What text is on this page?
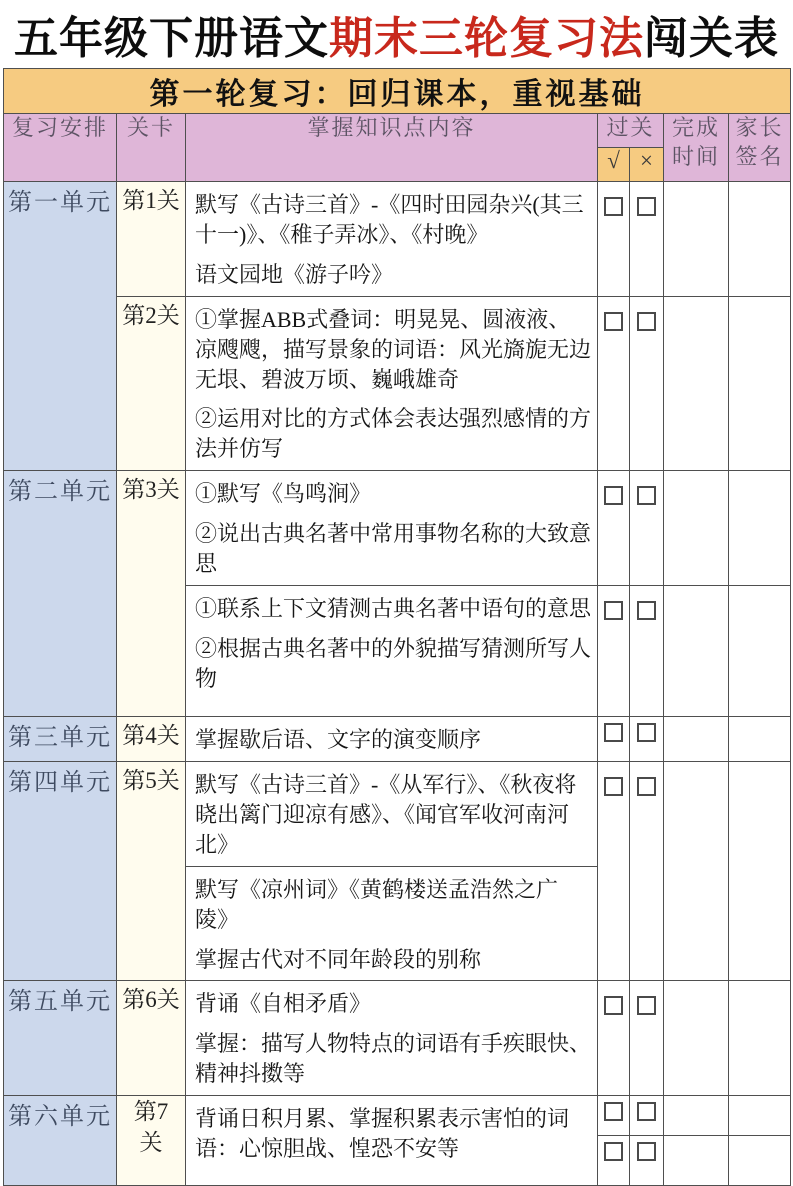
五年级下册语文 期末三轮复习法 闯关表
第一轮复习：回归课本，重视基础						
复习安排	关卡	掌握知识点内容	过关		完成时间	家长签名
			√	×		
第一单元	第1关	默写《古诗三首》-《四时田园杂兴(其三十一)》、《稚子弄冰》、《村晚》
语文园地《游子吟》				

	第2关	①掌握ABB式叠词：明晃晃、圆液液、凉飕飕，描写景象的词语：风光旖旎无边无垠、碧波万顷、巍峨雄奇
②运用对比的方式体会表达强烈感情的方法并仿写				

第二单元	第3关	①默写《鸟鸣涧》
②说出古典名著中常用事物名称的大致意思				

		①联系上下文猜测古典名著中语句的意思
②根据古典名著中的外貌描写猜测所写人物				

第三单元	第4关	掌握歇后语、文字的演变顺序				

第四单元	第5关	默写《古诗三首》-《从军行》、《秋夜将晓出篱门迎凉有感》、《闻官军收河南河北》
默写《凉州词》《黄鹤楼送孟浩然之广陵》
掌握古代对不同年龄段的别称				

第五单元	第6关	背诵《自相矛盾》
掌握：描写人物特点的词语有手疾眼快、精神抖擞等				

第六单元	第7关	背诵日积月累、掌握积累表示害怕的词语：心惊胆战、惶恐不安等				
